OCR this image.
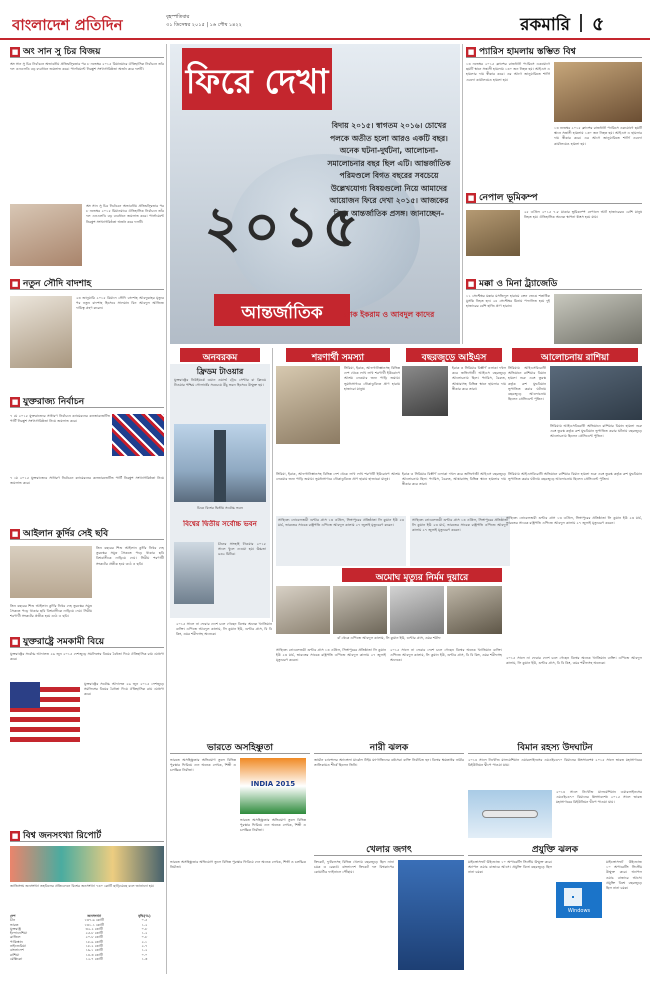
বাংলাদেশ প্রতিদিন	বৃহস্পতিবার
৩১ ডিসেম্বর ২০১৫ | ১৬ পৌষ ১৪২২	রকমারি ৫
■ অং সান সু চির বিজয়
অং সান সু চির নির্বাচনে অভাবনীয় প্রতিদ্বন্দ্বিতার পর ৮ নভেম্বর ২০১৫ মিয়ানমারে ঐতিহাসিক নির্বাচনে তাঁর দল এনএলডি বড় ব্যবধানে জয়লাভ করে। পার্লামেন্টে নিরঙ্কুশ সংখ্যাগরিষ্ঠতা অর্জন করে দলটি।
অং সান সু চির নির্বাচনে অভাবনীয় প্রতিদ্বন্দ্বিতার পর ৮ নভেম্বর ২০১৫ মিয়ানমারে ঐতিহাসিক নির্বাচনে তাঁর দল এনএলডি বড় ব্যবধানে জয়লাভ করে। পার্লামেন্টে নিরঙ্কুশ সংখ্যাগরিষ্ঠতা অর্জন করে দলটি।
■ নতুন সৌদি বাদশাহ
২৩ জানুয়ারি ২০১৫ রিয়াদে সৌদি বাদশাহ আবদুল্লাহর মৃত্যুর পর নতুন বাদশাহ হিসেবে সালমান বিন আবদুল আজিজ দায়িত্ব গ্রহণ করেন।
■ যুক্তরাজ্য নির্বাচন
৭ মে ২০১৫ যুক্তরাজ্যের সাধারণ নির্বাচনে ক্যামেরনের কনজারভেটিভ পার্টি নিরঙ্কুশ সংখ্যাগরিষ্ঠতা নিয়ে জয়লাভ করে।
৭ মে ২০১৫ যুক্তরাজ্যের সাধারণ নির্বাচনে ক্যামেরনের কনজারভেটিভ পার্টি নিরঙ্কুশ সংখ্যাগরিষ্ঠতা নিয়ে জয়লাভ করে।
■ আইলান কুর্দির সেই ছবি
তিন বছরের শিশু আইলান কুর্দির নিথর দেহ তুরস্কের সমুদ্র সৈকতে পড়ে থাকার ছবি বিশ্ববাসীকে নাড়িয়ে দেয়। সিরীয় শরণার্থী সংকটের প্রতীক হয়ে ওঠে এ ছবি।
তিন বছরের শিশু আইলান কুর্দির নিথর দেহ তুরস্কের সমুদ্র সৈকতে পড়ে থাকার ছবি বিশ্ববাসীকে নাড়িয়ে দেয়। সিরীয় শরণার্থী সংকটের প্রতীক হয়ে ওঠে এ ছবি।
■ যুক্তরাষ্ট্রে সমকামী বিয়ে
যুক্তরাষ্ট্রের সর্বোচ্চ আদালত ২৬ জুন ২০১৫ দেশজুড়ে সমলিঙ্গের বিয়ের বৈধতা দিয়ে ঐতিহাসিক রায় ঘোষণা করে।
যুক্তরাষ্ট্রের সর্বোচ্চ আদালত ২৬ জুন ২০১৫ দেশজুড়ে সমলিঙ্গের বিয়ের বৈধতা দিয়ে ঐতিহাসিক রায় ঘোষণা করে।
■ বিশ্ব জনসংখ্যা রিপোর্ট
জাতিসংঘ জনসংখ্যা তহবিলের প্রতিবেদনে বিশ্বের জনসংখ্যা ৭৩০ কোটি ছাড়িয়েছে বলে জানানো হয়।
দেশ	জনসংখ্যা	বৃদ্ধি(%)
চীন	১৩৭.৬ কোটি	০.৫
ভারত	১৩১.১ কোটি	১.২
যুক্তরাষ্ট্র	৩২.২ কোটি	০.৮
ইন্দোনেশিয়া	২৫.৮ কোটি	১.২
ব্রাজিল	২০.৮ কোটি	০.৮
পাকিস্তান	১৮.৯ কোটি	২.১
নাইজেরিয়া	১৮.২ কোটি	২.৭
বাংলাদেশ	১৬.১ কোটি	১.২
রাশিয়া	১৪.৩ কোটি	০.০
মেক্সিকো	১২.৭ কোটি	১.৩
ফিরে দেখা
২০১৫
আন্তর্জাতিক
বিদায় ২০১৫। স্বাগতম ২০১৬। চোখের পলকে অতীত হলো আরও একটি বছর। অনেক ঘটনা-দুর্ঘটনা, আলোচনা-সমালোচনার বছর ছিল এটি। আন্তর্জাতিক পরিমণ্ডলে বিগত বছরের সবচেয়ে উল্লেখযোগ্য বিষয়গুলো নিয়ে আমাদের আয়োজন ফিরে দেখা ২০১৫। আজকের বিষয় আন্তর্জাতিক প্রসঙ্গ। জানাচ্ছেন–
রণক ইকরাম ও আবদুল কাদের
অনবরকম
ফ্রিডম টাওয়ার
যুক্তরাষ্ট্রের নিউইয়র্কে ওয়ান ওয়ার্ল্ড ট্রেড সেন্টার বা ফ্রিডম টাওয়ার পশ্চিম গোলার্ধের সবচেয়ে উঁচু ভবন হিসেবে উন্মুক্ত হয়।
চিত্রে বিশ্বের দ্বিতীয় সর্বোচ্চ ভবন
বিশ্বের দ্বিতীয় সর্বোচ্চ ভবন
চীনের সাংহাই টাওয়ার ২০১৫ সালে খুলে দেওয়া হয়। উচ্চতা ৬৩২ মিটার।
শরণার্থী সমস্যা
সিরিয়া, ইরাক, আফগানিস্তানসহ বিভিন্ন দেশ থেকে লাখ লাখ শরণার্থী ইউরোপে আশ্রয় নেওয়ার জন্য পাড়ি জমায়। ভূমধ্যসাগরে নৌকাডুবিতে প্রাণ হারায় হাজারো মানুষ।
বছরজুড়ে আইএস
ইরাক ও সিরিয়ার বিস্তীর্ণ এলাকা দখল করে জঙ্গিগোষ্ঠী আইএস বছরজুড়ে আলোচনায় ছিল। প্যারিস, বৈরুত, আঙ্কারাসহ বিভিন্ন স্থানে হামলার দায় স্বীকার করে তারা।
আলোচনায় রাশিয়া
সিরিয়ায় আইএসবিরোধী অভিযানে রাশিয়ার বিমান হামলা শুরু এবং তুরস্ক কর্তৃক রুশ যুদ্ধবিমান ভূপাতিত করার ঘটনায় বছরজুড়ে আলোচনায় ছিলেন প্রেসিডেন্ট পুতিন।
সিরিয়ায় আইএসবিরোধী অভিযানে রাশিয়ার বিমান হামলা শুরু এবং তুরস্ক কর্তৃক রুশ যুদ্ধবিমান ভূপাতিত করার ঘটনায় বছরজুড়ে আলোচনায় ছিলেন প্রেসিডেন্ট পুতিন।
সিরিয়া, ইরাক, আফগানিস্তানসহ বিভিন্ন দেশ থেকে লাখ লাখ শরণার্থী ইউরোপে আশ্রয় নেওয়ার জন্য পাড়ি জমায়। ভূমধ্যসাগরে নৌকাডুবিতে প্রাণ হারায় হাজারো মানুষ।
ইরাক ও সিরিয়ার বিস্তীর্ণ এলাকা দখল করে জঙ্গিগোষ্ঠী আইএস বছরজুড়ে আলোচনায় ছিল। প্যারিস, বৈরুত, আঙ্কারাসহ বিভিন্ন স্থানে হামলার দায় স্বীকার করে তারা।
সিরিয়ায় আইএসবিরোধী অভিযানে রাশিয়ার বিমান হামলা শুরু এবং তুরস্ক কর্তৃক রুশ যুদ্ধবিমান ভূপাতিত করার ঘটনায় বছরজুড়ে আলোচনায় ছিলেন প্রেসিডেন্ট পুতিন।
সাহিত্যে নোবেলজয়ী গুন্টার গ্রাস ১৩ এপ্রিল, সিঙ্গাপুরের প্রতিষ্ঠাতা লি কুয়ান ইউ ২৩ মার্চ, ভারতের সাবেক রাষ্ট্রপতি এপিজে আবদুল কালাম ২৭ জুলাই মৃত্যুবরণ করেন।
সাহিত্যে নোবেলজয়ী গুন্টার গ্রাস ১৩ এপ্রিল, সিঙ্গাপুরের প্রতিষ্ঠাতা লি কুয়ান ইউ ২৩ মার্চ, ভারতের সাবেক রাষ্ট্রপতি এপিজে আবদুল কালাম ২৭ জুলাই মৃত্যুবরণ করেন।
অমোঘ মৃত্যুর নির্মম দুয়ারে
বাঁ থেকে এপিজে আবদুল কালাম, লি কুয়ান ইউ, গুন্টার গ্রাস, ওমর শরীফ
২০১৫ সালে না ফেরার দেশে চলে গেছেন বিশ্বের অনেক খ্যাতিমান ব্যক্তি। এপিজে আবদুল কালাম, লি কুয়ান ইউ, গুন্টার গ্রাস, বি বি কিং, ওমর শরীফসহ অনেকে।
সাহিত্যে নোবেলজয়ী গুন্টার গ্রাস ১৩ এপ্রিল, সিঙ্গাপুরের প্রতিষ্ঠাতা লি কুয়ান ইউ ২৩ মার্চ, ভারতের সাবেক রাষ্ট্রপতি এপিজে আবদুল কালাম ২৭ জুলাই মৃত্যুবরণ করেন।
সাহিত্যে নোবেলজয়ী গুন্টার গ্রাস ১৩ এপ্রিল, সিঙ্গাপুরের প্রতিষ্ঠাতা লি কুয়ান ইউ ২৩ মার্চ, ভারতের সাবেক রাষ্ট্রপতি এপিজে আবদুল কালাম ২৭ জুলাই মৃত্যুবরণ করেন।
২০১৫ সালে না ফেরার দেশে চলে গেছেন বিশ্বের অনেক খ্যাতিমান ব্যক্তি। এপিজে আবদুল কালাম, লি কুয়ান ইউ, গুন্টার গ্রাস, বি বি কিং, ওমর শরীফসহ অনেকে।
২০১৫ সালে না ফেরার দেশে চলে গেছেন বিশ্বের অনেক খ্যাতিমান ব্যক্তি। এপিজে আবদুল কালাম, লি কুয়ান ইউ, গুন্টার গ্রাস, বি বি কিং, ওমর শরীফসহ অনেকে।
ভারতে অসহিষ্ণুতা
ভারতে অসহিষ্ণুতার অভিযোগ তুলে বিভিন্ন পুরস্কার ফিরিয়ে দেন অনেক লেখক, শিল্পী ও চলচ্চিত্র নির্মাতা।
INDIA 2015
ভারতে অসহিষ্ণুতার অভিযোগ তুলে বিভিন্ন পুরস্কার ফিরিয়ে দেন অনেক লেখক, শিল্পী ও চলচ্চিত্র নির্মাতা।
ভারতে অসহিষ্ণুতার অভিযোগ তুলে বিভিন্ন পুরস্কার ফিরিয়ে দেন অনেক লেখক, শিল্পী ও চলচ্চিত্র নির্মাতা।
নারী ঝলক
জার্মান চ্যান্সেলর অ্যাঙ্গেলা মার্কেল টাইম ম্যাগাজিনের বর্ষসেরা ব্যক্তি নির্বাচিত হন। বিশ্বের ক্ষমতাধর নারীর তালিকায়ও শীর্ষে ছিলেন তিনি।
খেলার জগৎ
ক্রিকেট, ফুটবলসহ বিভিন্ন খেলায় বছরজুড়ে ছিল নানা চমক ও রেকর্ড। বাংলাদেশ ক্রিকেট দল বিশ্বকাপের কোয়ার্টার ফাইনালে পৌঁছায়।
■ প্যারিস হামলায় স্তম্ভিত বিশ্ব
১৩ নভেম্বর ২০১৫ ফ্রান্সের রাজধানী প্যারিসে একযোগে ছয়টি স্থানে সন্ত্রাসী হামলায় ১৩০ জন নিহত হয়। আইএস এ হামলার দায় স্বীকার করে। এর আগে জানুয়ারিতে শার্লি এবদো কার্যালয়েও হামলা হয়।
১৩ নভেম্বর ২০১৫ ফ্রান্সের রাজধানী প্যারিসে একযোগে ছয়টি স্থানে সন্ত্রাসী হামলায় ১৩০ জন নিহত হয়। আইএস এ হামলার দায় স্বীকার করে। এর আগে জানুয়ারিতে শার্লি এবদো কার্যালয়েও হামলা হয়।
■ নেপাল ভূমিকম্প
২৫ এপ্রিল ২০১৫ ৭.৮ মাত্রার ভূমিকম্পে নেপালে আট হাজারেরও বেশি মানুষ নিহত হয়। ঐতিহাসিক অনেক স্থাপনা ধ্বংস হয়ে যায়।
■ মক্কা ও মিনা ট্র্যাজেডি
১১ সেপ্টেম্বর মক্কার মসজিদুল হারামে ক্রেন ভেঙে শতাধিক মুসল্লি নিহত হন। ২৪ সেপ্টেম্বর মিনায় পদদলিত হয়ে দুই হাজারের বেশি হাজি প্রাণ হারান।
বিমান রহস্য উদঘাটন
২০১৪ সালে নিখোঁজ মালয়েশিয়ান এয়ারলাইনসের এমএইচ৩৭০ বিমানের ধ্বংসাবশেষ ২০১৫ সালে ভারত মহাসাগরের রিইউনিয়ন দ্বীপে পাওয়া যায়।
২০১৪ সালে নিখোঁজ মালয়েশিয়ান এয়ারলাইনসের এমএইচ৩৭০ বিমানের ধ্বংসাবশেষ ২০১৫ সালে ভারত মহাসাগরের রিইউনিয়ন দ্বীপে পাওয়া যায়।
প্রযুক্তি ঝলক
মাইক্রোসফট উইন্ডোজ ১০ অপারেটিং সিস্টেম উন্মুক্ত করে। অ্যাপল ওয়াচ বাজারে আসে। প্রযুক্তি বিশ্বে বছরজুড়ে ছিল নানা চমক।
Windows
মাইক্রোসফট উইন্ডোজ ১০ অপারেটিং সিস্টেম উন্মুক্ত করে। অ্যাপল ওয়াচ বাজারে আসে। প্রযুক্তি বিশ্বে বছরজুড়ে ছিল নানা চমক।
